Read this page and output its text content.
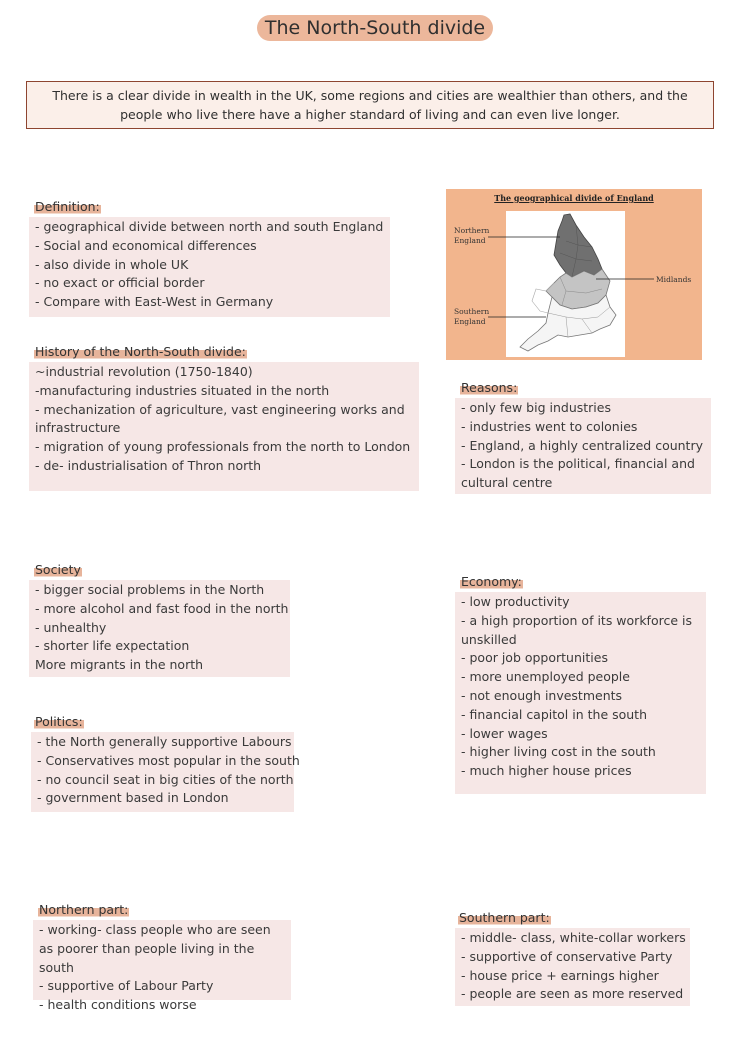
The North-South divide
There is a clear divide in wealth in the UK, some regions and cities are wealthier than others, and the people who live there have a higher standard of living and can even live longer.
Definition:
- geographical divide between north and south England
- Social and economical differences
- also divide in whole UK
- no exact or official border
- Compare with East-West in Germany
The geographical divide of England
Northern
England
Midlands
Southern
England
History of the North-South divide:
~industrial revolution (1750-1840)
-manufacturing industries situated in the north
- mechanization of agriculture, vast engineering works and infrastructure
- migration of young professionals from the north to London
- de- industrialisation of Thron north
Reasons:
- only few big industries
- industries went to colonies
- England, a highly centralized country
- London is the political, financial and cultural centre
Society
- bigger social problems in the North
- more alcohol and fast food in the north
- unhealthy
- shorter life expectation
More migrants in the north
Economy:
- low productivity
- a high proportion of its workforce is unskilled
- poor job opportunities
- more unemployed people
- not enough investments
- financial capitol in the south
- lower wages
- higher living cost in the south
- much higher house prices
Politics:
- the North generally supportive Labours
- Conservatives most popular in the south
- no council seat in big cities of the north
- government based in London
Northern part:
- working- class people who are seen as poorer than people living in the south
- supportive of Labour Party
- health conditions worse
Southern part:
- middle- class, white-collar workers
- supportive of conservative Party
- house price + earnings higher
- people are seen as more reserved
